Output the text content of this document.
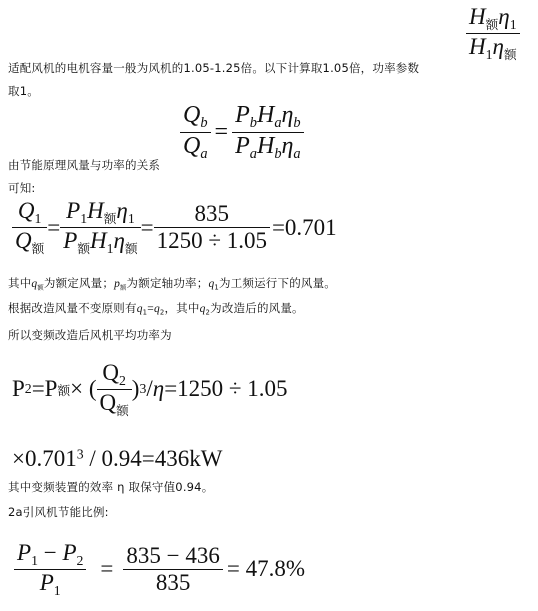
$\frac{H_额\eta_1}{H_1\eta_额}$
适配风机的电机容量一般为风机的1.05-1.25倍。以下计算取1.05倍，功率参数
取1。
$\frac{Q_b}{Q_a} = \frac{P_bH_a\eta_b}{P_aH_b\eta_a}$
由节能原理风量与功率的关系
可知:
$\frac{Q_1}{Q_额} = \frac{P_1H_额\eta_1}{P_额H_1\eta_额} = \frac{835}{1250 \div 1.05} =0.701$
其中$q_额$为额定风量；$p_额$为额定轴功率；$q_1$为工频运行下的风量。
根据改造风量不变原则有$q_1=q_2$，其中$q_2$为改造后的风量。
所以变频改造后风机平均功率为
P 2 =P 额 × ( $\frac{Q_2}{Q_额}$ ) 3 / η =1250 ÷ 1.05
$\times 0.701^3 / 0.94=436kW$
其中变频装置的效率 η 取保守值0.94。
2a引风机节能比例:
$\frac{P_1 - P_2}{P_1} = \frac{835 - 436}{835} = 47.8\%$
